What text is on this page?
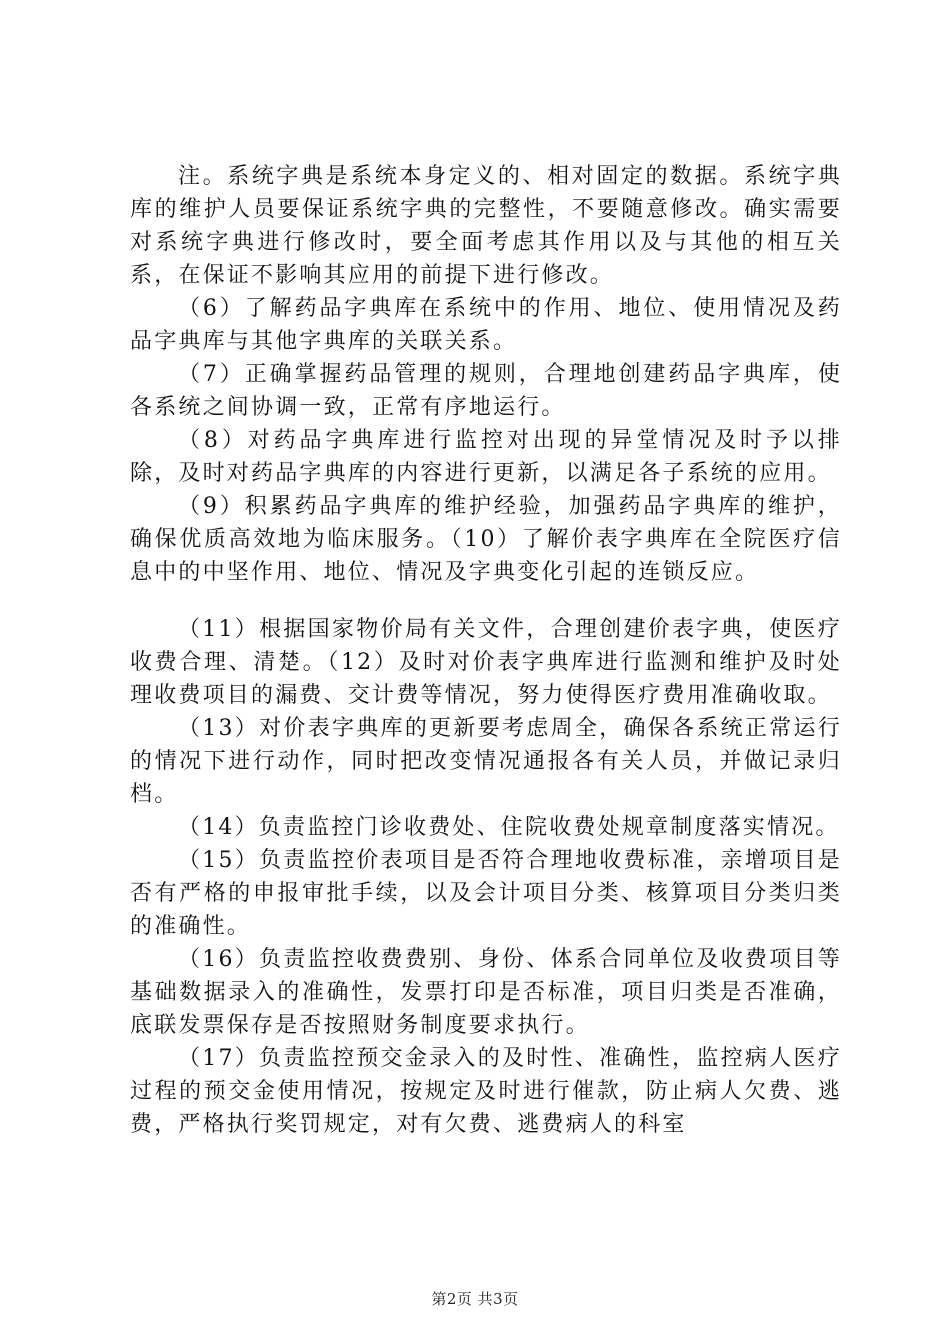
注。系统字典是系统本身定义的、相对固定的数据。系统字典库的维护人员要保证系统字典的完整性，不要随意修改。确实需要对系统字典进行修改时，要全面考虑其作用以及与其他的相互关系，在保证不影响其应用的前提下进行修改。

（6）了解药品字典库在系统中的作用、地位、使用情况及药品字典库与其他字典库的关联关系。

（7）正确掌握药品管理的规则，合理地创建药品字典库，使各系统之间协调一致，正常有序地运行。

（8）对药品字典库进行监控对出现的异堂情况及时予以排除，及时对药品字典库的内容进行更新，以满足各子系统的应用。

（9）积累药品字典库的维护经验，加强药品字典库的维护，确保优质高效地为临床服务。（10）了解价表字典库在全院医疗信息中的中坚作用、地位、情况及字典变化引起的连锁反应。

（11）根据国家物价局有关文件，合理创建价表字典，使医疗收费合理、清楚。（12）及时对价表字典库进行监测和维护及时处理收费项目的漏费、交计费等情况，努力使得医疗费用准确收取。

（13）对价表字典库的更新要考虑周全，确保各系统正常运行的情况下进行动作，同时把改变情况通报各有关人员，并做记录归档。

（14）负责监控门诊收费处、住院收费处规章制度落实情况。

（15）负责监控价表项目是否符合理地收费标准，亲增项目是否有严格的申报审批手续，以及会计项目分类、核算项目分类归类的准确性。

（16）负责监控收费费别、身份、体系合同单位及收费项目等基础数据录入的准确性，发票打印是否标准，项目归类是否准确，底联发票保存是否按照财务制度要求执行。

（17）负责监控预交金录入的及时性、准确性，监控病人医疗过程的预交金使用情况，按规定及时进行催款，防止病人欠费、逃费，严格执行奖罚规定，对有欠费、逃费病人的科室

第2页 共3页
